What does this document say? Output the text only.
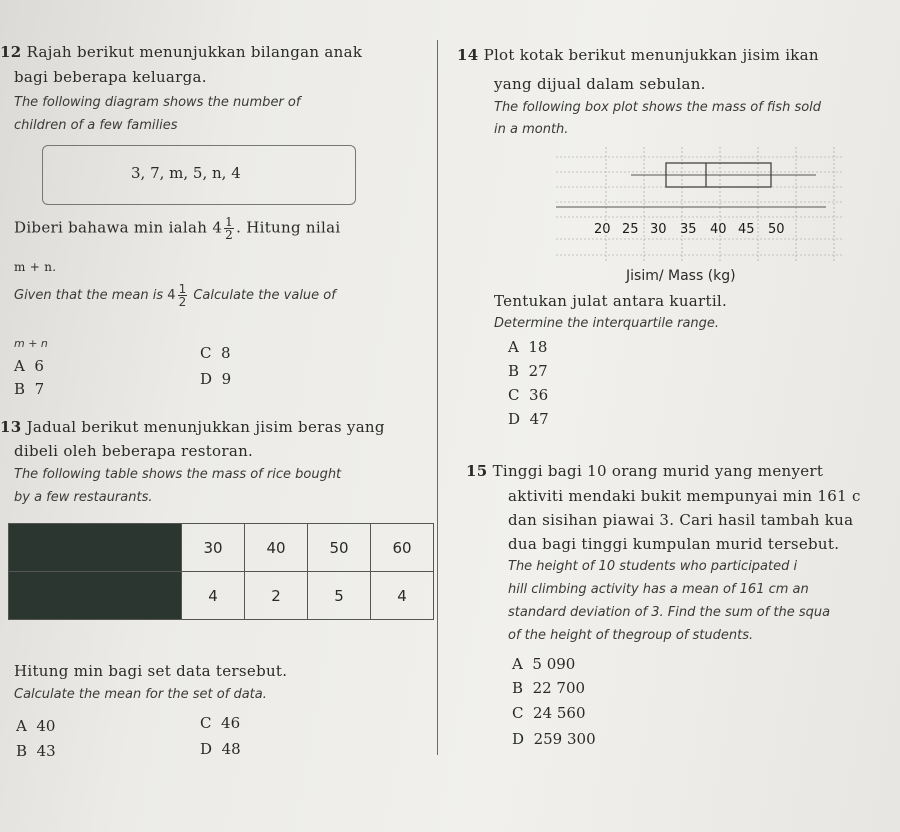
12 Rajah berikut menunjukkan bilangan anak
bagi beberapa keluarga.
The following diagram shows the number of
children of a few families
3, 7, m, 5, n, 4
Diberi bahawa min ialah $4 \frac{1}{2}$ . Hitung nilai
m + n.
Given that the mean is $4 \frac{1}{2}$ Calculate the value of
m + n
A 6
B 7
C 8
D 9
13 Jadual berikut menunjukkan jisim beras yang
dibeli oleh beberapa restoran.
The following table shows the mass of rice bought
by a few restaurants.
	30	40	50	60
	4	2	5	4
Hitung min bagi set data tersebut.
Calculate the mean for the set of data.
A 40
B 43
C 46
D 48
14 Plot kotak berikut menunjukkan jisim ikan
yang dijual dalam sebulan.
The following box plot shows the mass of fish sold
in a month.
20 25 30 35 40 45 50
Jisim/ Mass (kg)
Tentukan julat antara kuartil.
Determine the interquartile range.
A 18
B 27
C 36
D 47
15 Tinggi bagi 10 orang murid yang menyert
aktiviti mendaki bukit mempunyai min 161 c
dan sisihan piawai 3. Cari hasil tambah kua
dua bagi tinggi kumpulan murid tersebut.
The height of 10 students who participated i
hill climbing activity has a mean of 161 cm an
standard deviation of 3. Find the sum of the squa
of the height of thegroup of students.
A 5 090
B 22 700
C 24 560
D 259 300
